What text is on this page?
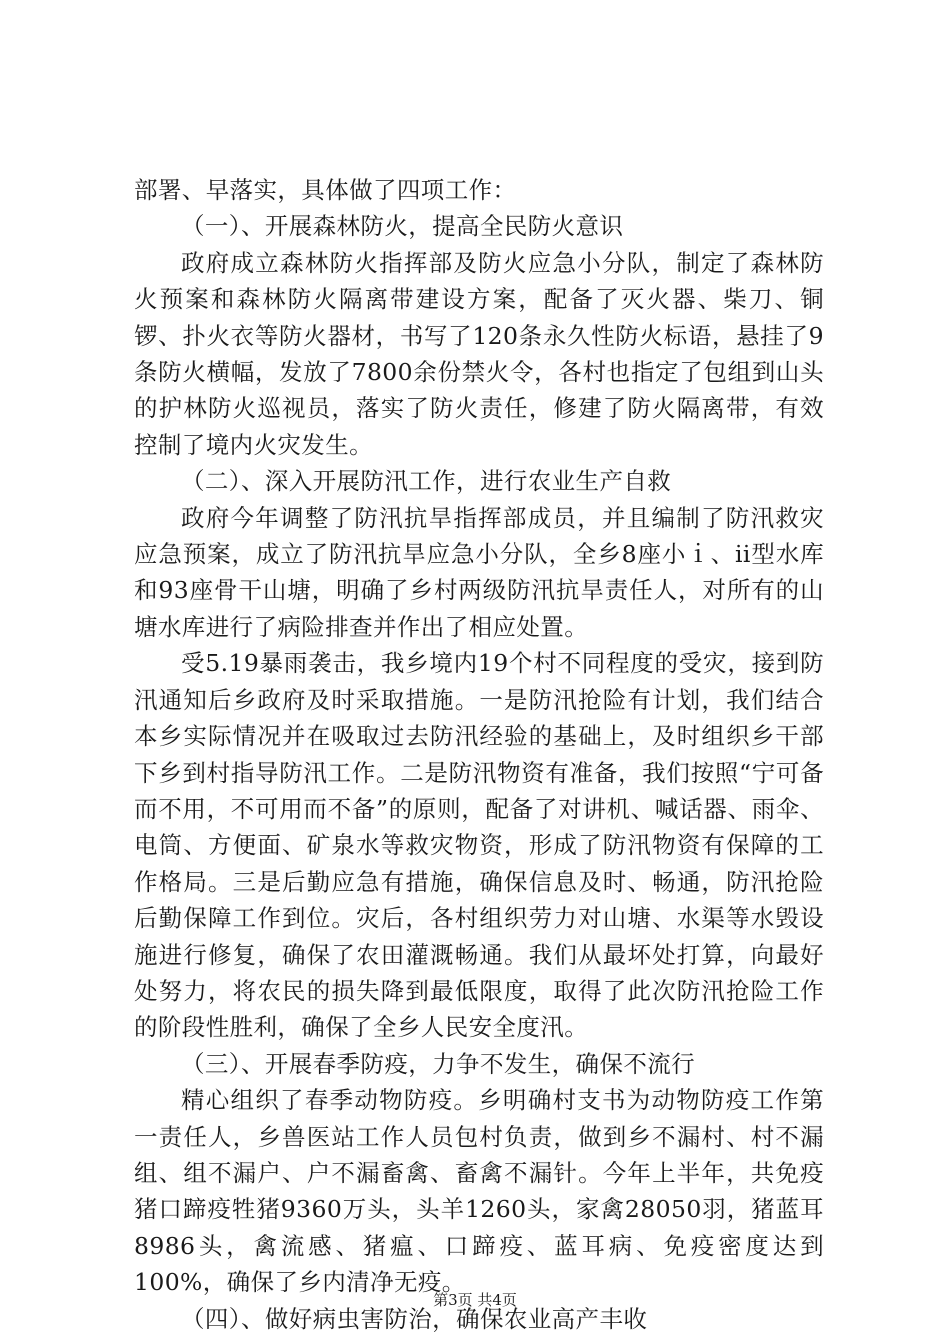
部署、早落实，具体做了四项工作：

（一）、开展森林防火，提高全民防火意识

政府成立森林防火指挥部及防火应急小分队，制定了森林防火预案和森林防火隔离带建设方案，配备了灭火器、柴刀、铜锣、扑火衣等防火器材，书写了120条永久性防火标语，悬挂了9条防火横幅，发放了7800余份禁火令，各村也指定了包组到山头的护林防火巡视员，落实了防火责任，修建了防火隔离带，有效控制了境内火灾发生。

（二）、深入开展防汛工作，进行农业生产自救

政府今年调整了防汛抗旱指挥部成员，并且编制了防汛救灾应急预案，成立了防汛抗旱应急小分队，全乡8座小ｉ、ii型水库和93座骨干山塘，明确了乡村两级防汛抗旱责任人，对所有的山塘水库进行了病险排查并作出了相应处置。

受5.19暴雨袭击，我乡境内19个村不同程度的受灾，接到防汛通知后乡政府及时采取措施。一是防汛抢险有计划，我们结合本乡实际情况并在吸取过去防汛经验的基础上，及时组织乡干部下乡到村指导防汛工作。二是防汛物资有准备，我们按照“宁可备而不用，不可用而不备”的原则，配备了对讲机、喊话器、雨伞、电筒、方便面、矿泉水等救灾物资，形成了防汛物资有保障的工作格局。三是后勤应急有措施，确保信息及时、畅通，防汛抢险后勤保障工作到位。灾后，各村组织劳力对山塘、水渠等水毁设施进行修复，确保了农田灌溉畅通。我们从最坏处打算，向最好处努力，将农民的损失降到最低限度，取得了此次防汛抢险工作的阶段性胜利，确保了全乡人民安全度汛。

（三）、开展春季防疫，力争不发生，确保不流行

精心组织了春季动物防疫。乡明确村支书为动物防疫工作第一责任人，乡兽医站工作人员包村负责，做到乡不漏村、村不漏组、组不漏户、户不漏畜禽、畜禽不漏针。今年上半年，共免疫猪口蹄疫牲猪9360万头，头羊1260头，家禽28050羽，猪蓝耳8986头，禽流感、猪瘟、口蹄疫、蓝耳病、免疫密度达到100%，确保了乡内清净无疫。

（四）、做好病虫害防治，确保农业高产丰收

第3页 共4页
